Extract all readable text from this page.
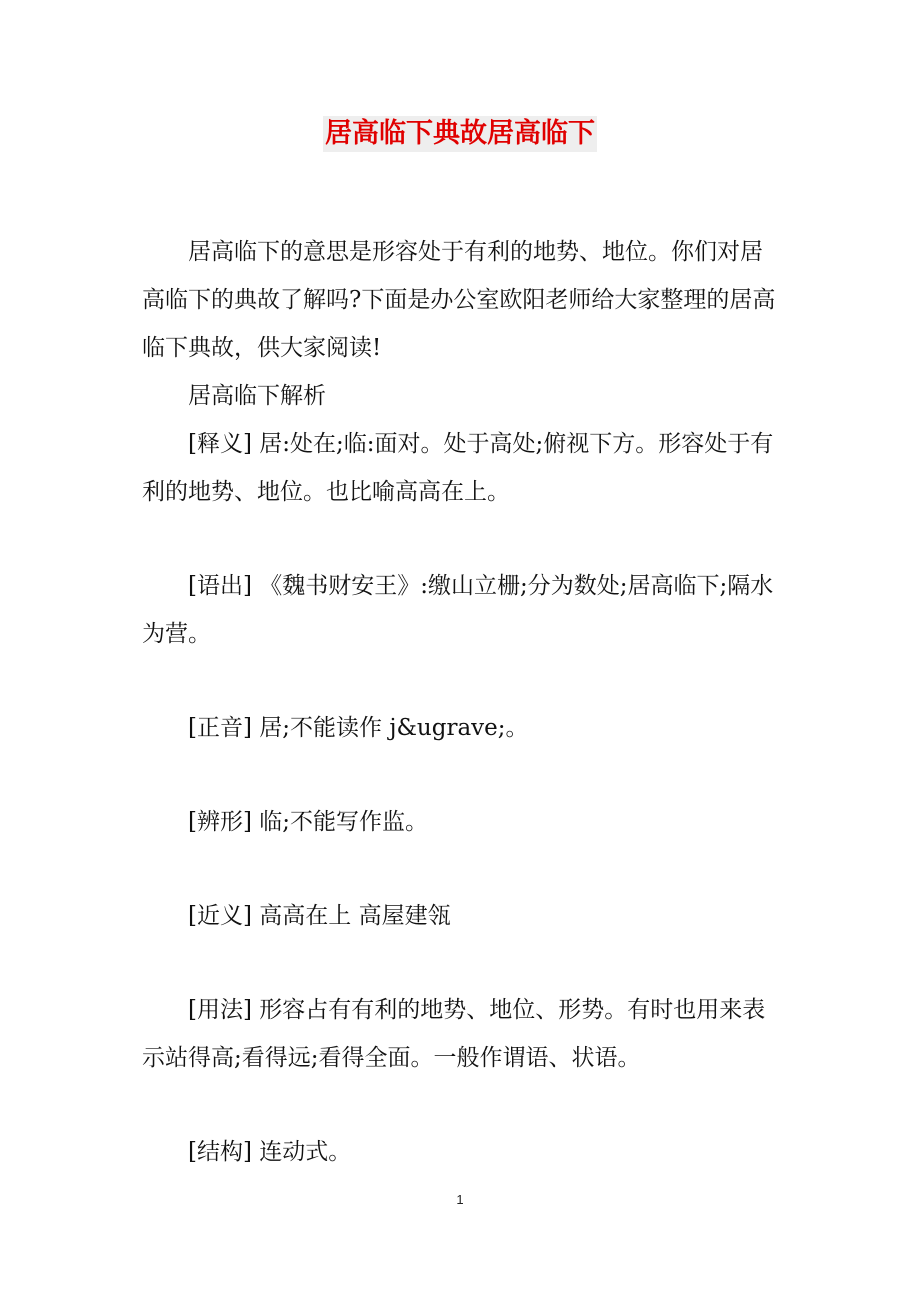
居高临下典故居高临下

居高临下的意思是形容处于有利的地势、地位。你们对居高临下的典故了解吗?下面是办公室欧阳老师给大家整理的居高临下典故，供大家阅读!

居高临下解析

[释义] 居:处在;临:面对。处于高处;俯视下方。形容处于有利的地势、地位。也比喻高高在上。

[语出] 《魏书财安王》:缴山立栅;分为数处;居高临下;隔水为营。

[正音] 居;不能读作 j&ugrave;。

[辨形] 临;不能写作监。

[近义] 高高在上 高屋建瓴

[用法] 形容占有有利的地势、地位、形势。有时也用来表示站得高;看得远;看得全面。一般作谓语、状语。

[结构] 连动式。

1
